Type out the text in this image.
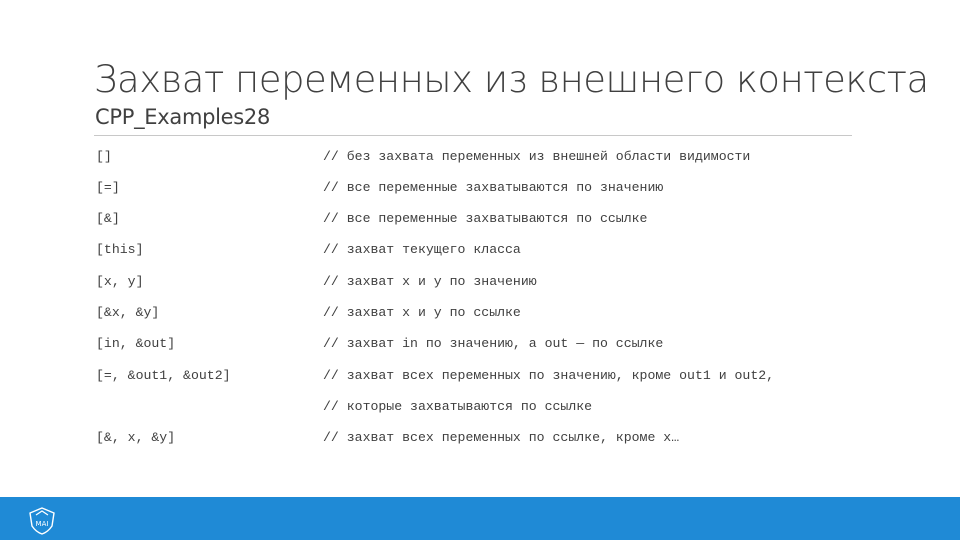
Захват переменных из внешнего контекста
CPP_Examples28
[]	// без захвата переменных из внешней области видимости
[=]	// все переменные захватываются по значению
[&]	// все переменные захватываются по ссылке
[this]	// захват текущего класса
[x, y]	// захват x и y по значению
[&x, &y]	// захват x и y по ссылке
[in, &out]	// захват in по значению, а out — по ссылке
[=, &out1, &out2]	// захват всех переменных по значению, кроме out1 и out2,
// которые захватываются по ссылке
[&, x, &y]	// захват всех переменных по ссылке, кроме x…
MAI
